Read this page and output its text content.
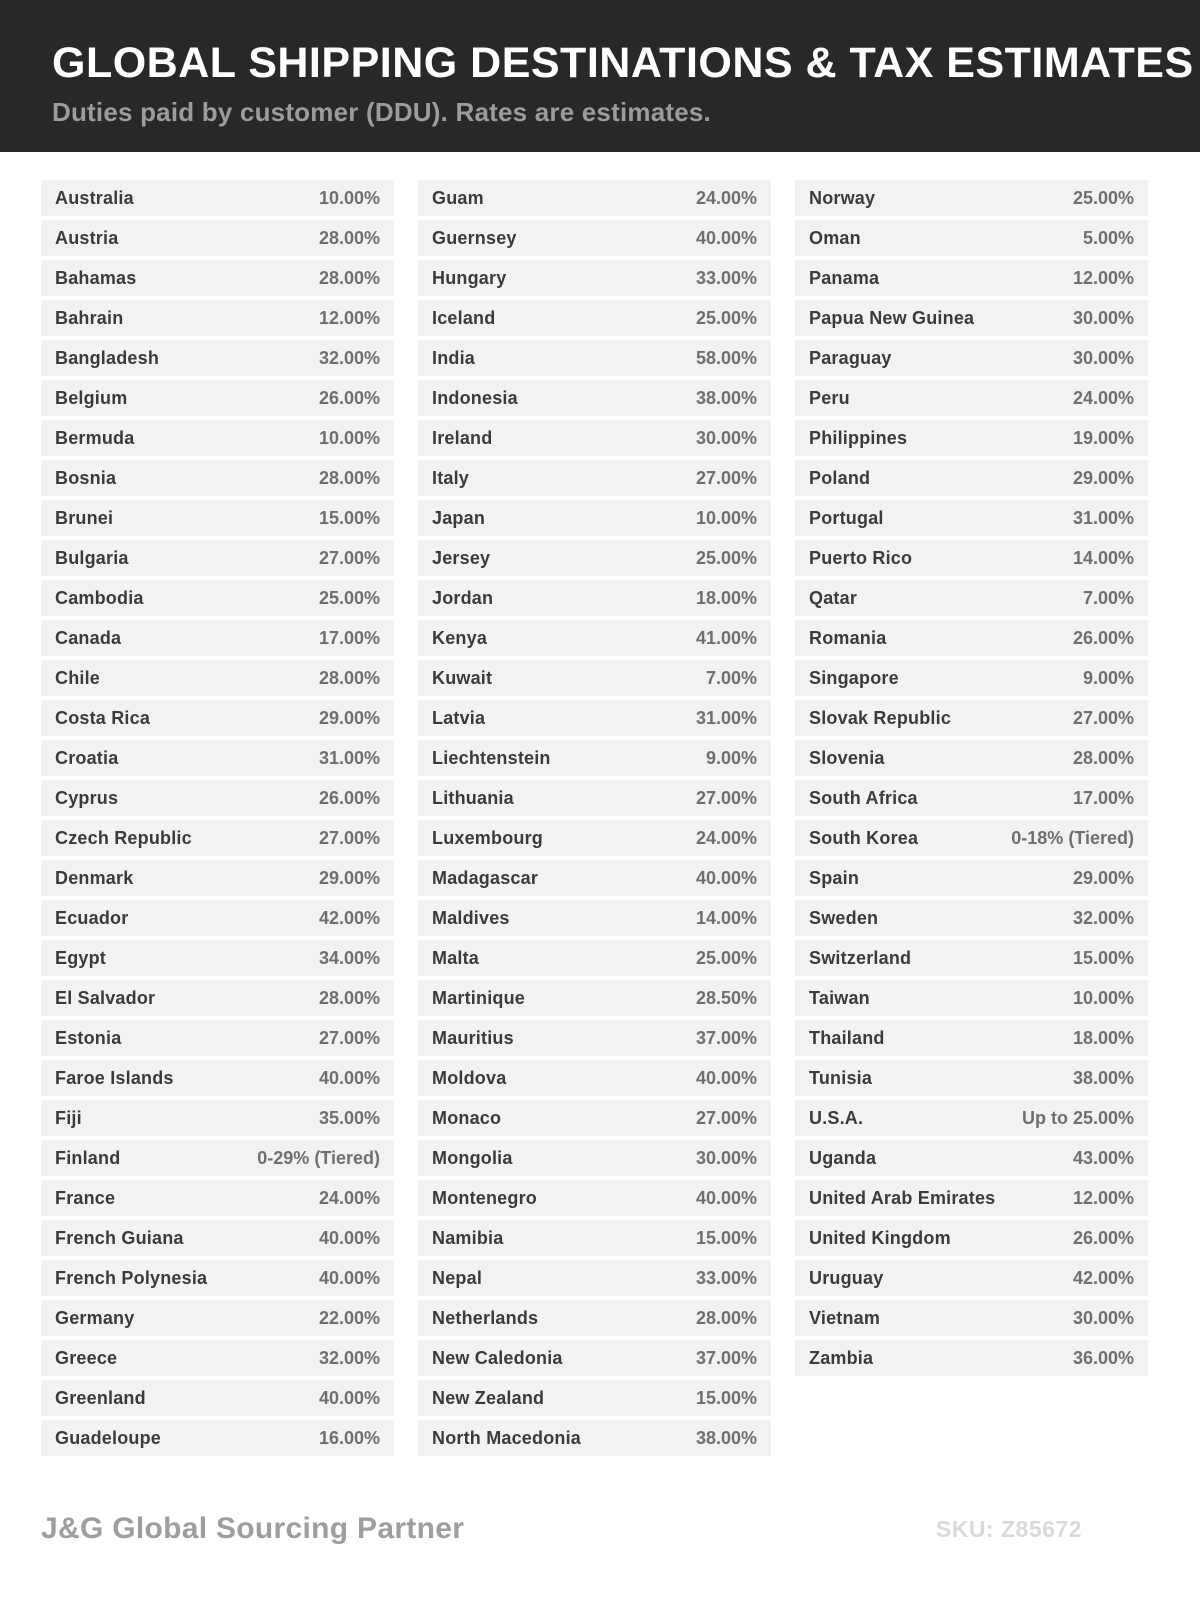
GLOBAL SHIPPING DESTINATIONS & TAX ESTIMATES
Duties paid by customer (DDU). Rates are estimates.
Australia	10.00%
Austria	28.00%
Bahamas	28.00%
Bahrain	12.00%
Bangladesh	32.00%
Belgium	26.00%
Bermuda	10.00%
Bosnia	28.00%
Brunei	15.00%
Bulgaria	27.00%
Cambodia	25.00%
Canada	17.00%
Chile	28.00%
Costa Rica	29.00%
Croatia	31.00%
Cyprus	26.00%
Czech Republic	27.00%
Denmark	29.00%
Ecuador	42.00%
Egypt	34.00%
El Salvador	28.00%
Estonia	27.00%
Faroe Islands	40.00%
Fiji	35.00%
Finland	0-29% (Tiered)
France	24.00%
French Guiana	40.00%
French Polynesia	40.00%
Germany	22.00%
Greece	32.00%
Greenland	40.00%
Guadeloupe	16.00%
Guam	24.00%
Guernsey	40.00%
Hungary	33.00%
Iceland	25.00%
India	58.00%
Indonesia	38.00%
Ireland	30.00%
Italy	27.00%
Japan	10.00%
Jersey	25.00%
Jordan	18.00%
Kenya	41.00%
Kuwait	7.00%
Latvia	31.00%
Liechtenstein	9.00%
Lithuania	27.00%
Luxembourg	24.00%
Madagascar	40.00%
Maldives	14.00%
Malta	25.00%
Martinique	28.50%
Mauritius	37.00%
Moldova	40.00%
Monaco	27.00%
Mongolia	30.00%
Montenegro	40.00%
Namibia	15.00%
Nepal	33.00%
Netherlands	28.00%
New Caledonia	37.00%
New Zealand	15.00%
North Macedonia	38.00%
Norway	25.00%
Oman	5.00%
Panama	12.00%
Papua New Guinea	30.00%
Paraguay	30.00%
Peru	24.00%
Philippines	19.00%
Poland	29.00%
Portugal	31.00%
Puerto Rico	14.00%
Qatar	7.00%
Romania	26.00%
Singapore	9.00%
Slovak Republic	27.00%
Slovenia	28.00%
South Africa	17.00%
South Korea	0-18% (Tiered)
Spain	29.00%
Sweden	32.00%
Switzerland	15.00%
Taiwan	10.00%
Thailand	18.00%
Tunisia	38.00%
U.S.A.	Up to 25.00%
Uganda	43.00%
United Arab Emirates	12.00%
United Kingdom	26.00%
Uruguay	42.00%
Vietnam	30.00%
Zambia	36.00%
J&G Global Sourcing Partner	SKU: Z85672
